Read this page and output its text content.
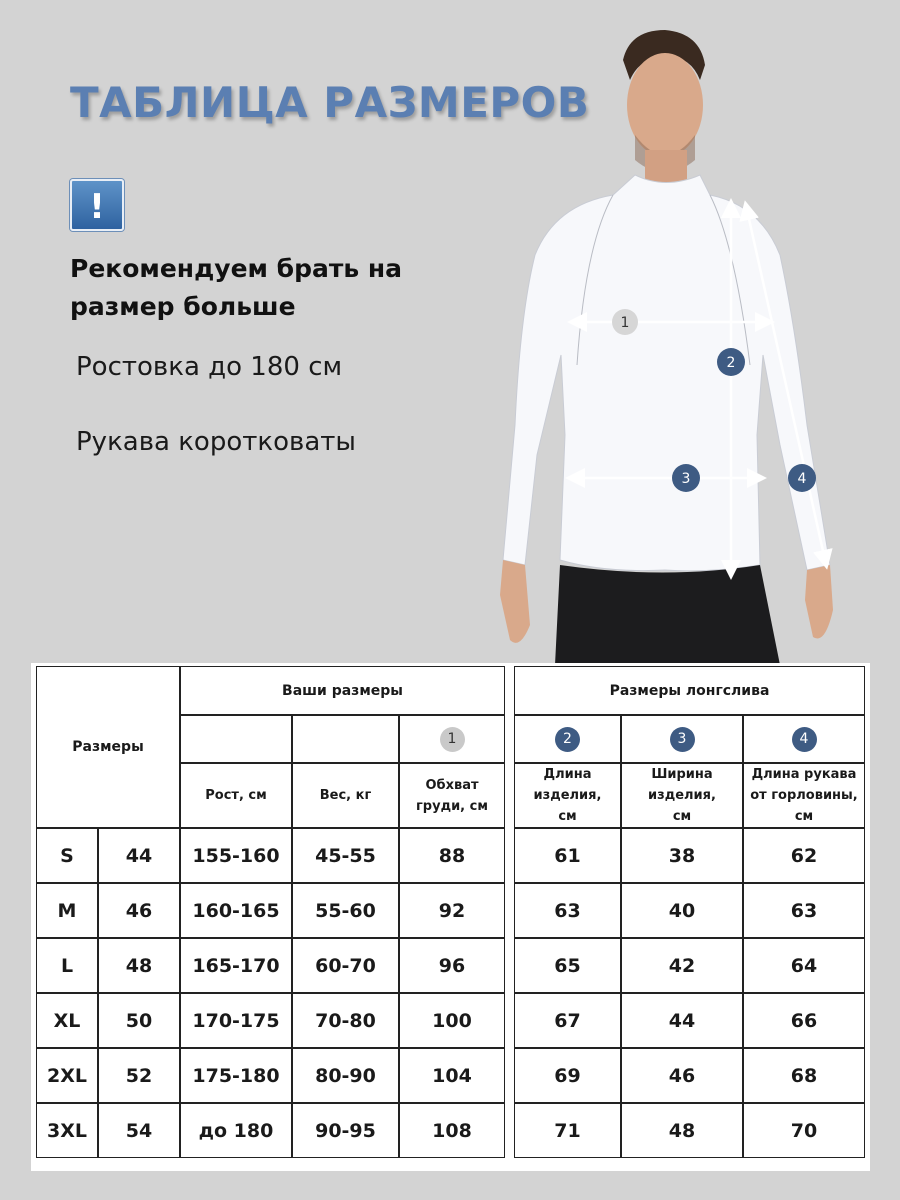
ТАБЛИЦА РАЗМЕРОВ
!
Рекомендуем брать на размер больше
Ростовка до 180 см
Рукава коротковаты
1
2
3	4
Размеры
Ваши размеры
1
Рост, см	Вес, кг
Обхват груди, см
Размеры лонгслива
2	3	4
Длина изделия, см
Ширина изделия, см
Длина рукава от горловины, см
S	44	155-160	45-55	88	61	38	62
M	46	160-165	55-60	92	63	40	63
L	48	165-170	60-70	96	65	42	64
XL	50	170-175	70-80	100	67	44	66
2XL	52	175-180	80-90	104	69	46	68
3XL	54	до 180	90-95	108	71	48	70
